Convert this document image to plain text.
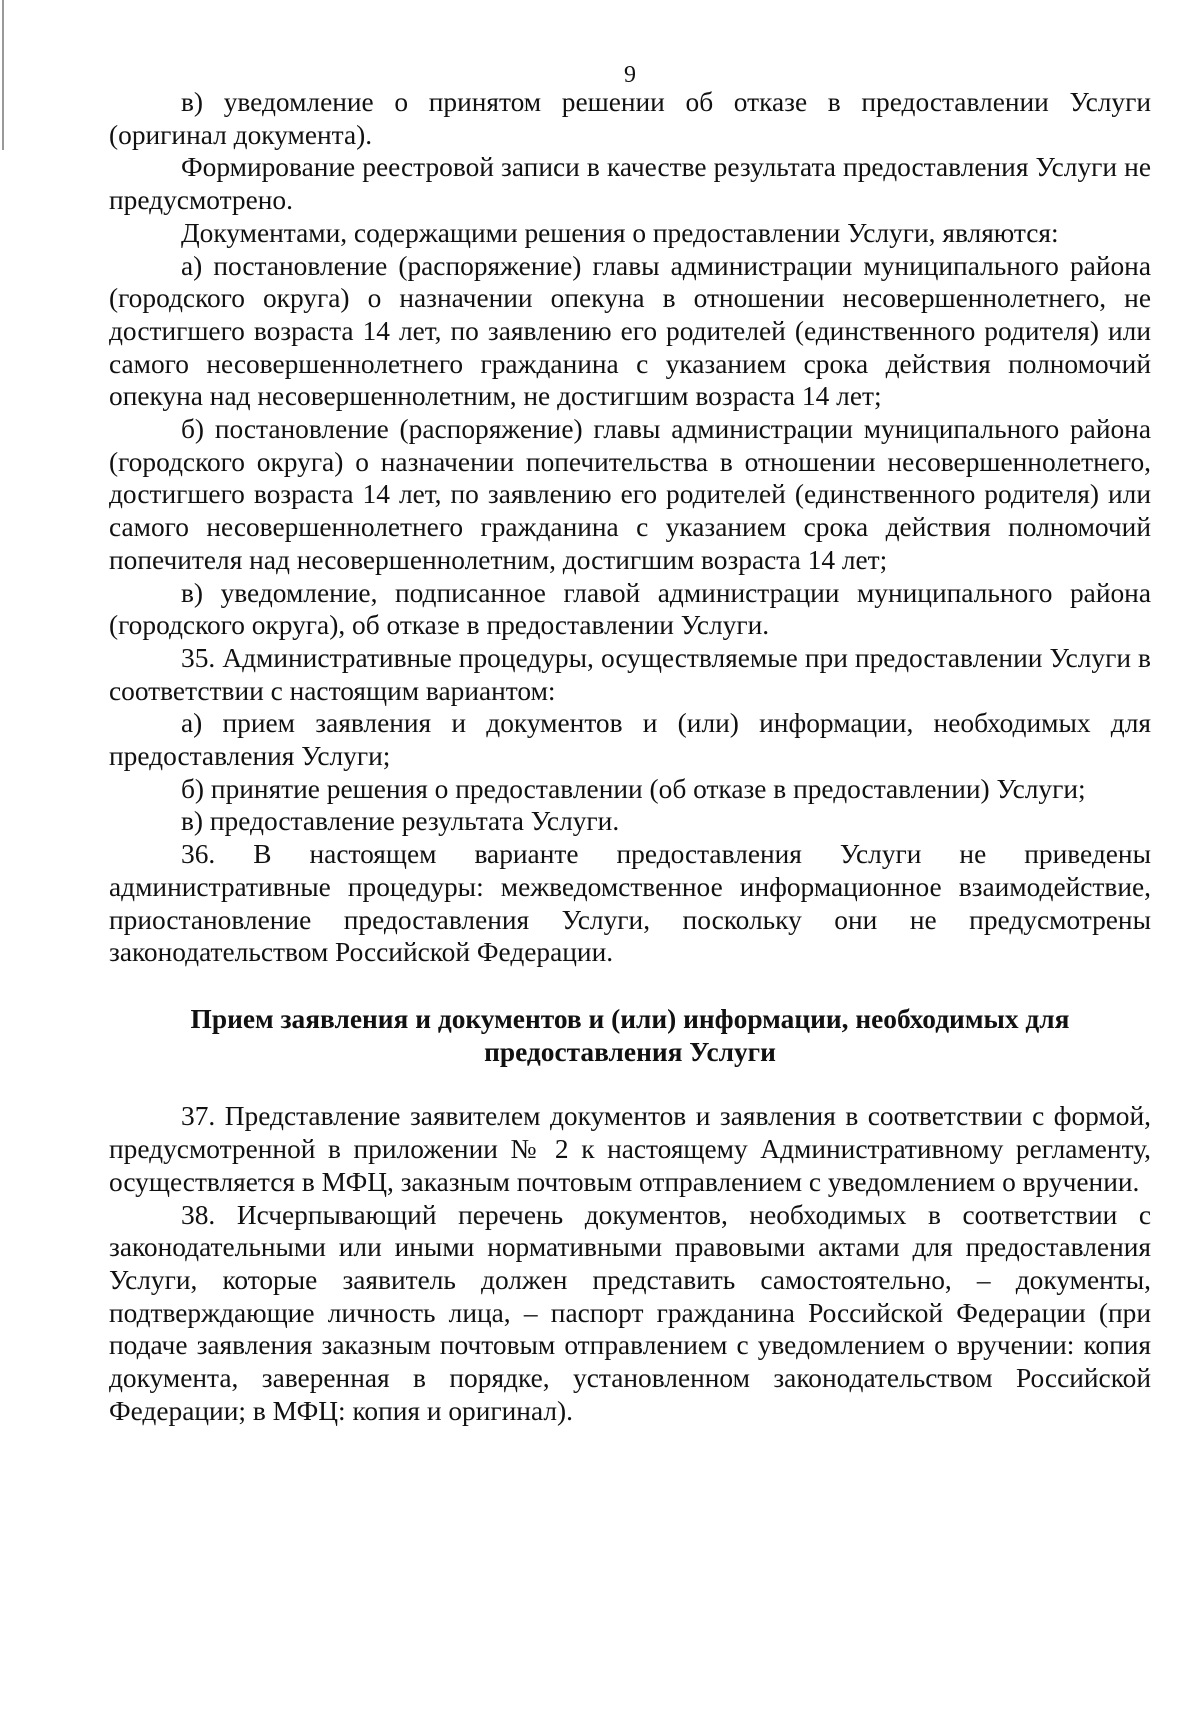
9

в) уведомление о принятом решении об отказе в предоставлении Услуги (оригинал документа).

Формирование реестровой записи в качестве результата предоставления Услуги не предусмотрено.

Документами, содержащими решения о предоставлении Услуги, являются:

а) постановление (распоряжение) главы администрации муниципального района (городского округа) о назначении опекуна в отношении несовершеннолетнего, не достигшего возраста 14 лет, по заявлению его родителей (единственного родителя) или самого несовершеннолетнего гражданина с указанием срока действия полномочий опекуна над несовершеннолетним, не достигшим возраста 14 лет;

б) постановление (распоряжение) главы администрации муниципального района (городского округа) о назначении попечительства в отношении несовершеннолетнего, достигшего возраста 14 лет, по заявлению его родителей (единственного родителя) или самого несовершеннолетнего гражданина с указанием срока действия полномочий попечителя над несовершеннолетним, достигшим возраста 14 лет;

в) уведомление, подписанное главой администрации муниципального района (городского округа), об отказе в предоставлении Услуги.

35. Административные процедуры, осуществляемые при предоставлении Услуги в соответствии с настоящим вариантом:

а) прием заявления и документов и (или) информации, необходимых для предоставления Услуги;

б) принятие решения о предоставлении (об отказе в предоставлении) Услуги;

в) предоставление результата Услуги.

36. В настоящем варианте предоставления Услуги не приведены административные процедуры: межведомственное информационное взаимодействие, приостановление предоставления Услуги, поскольку они не предусмотрены законодательством Российской Федерации.

Прием заявления и документов и (или) информации, необходимых для предоставления Услуги

37. Представление заявителем документов и заявления в соответствии с формой, предусмотренной в приложении № 2 к настоящему Административному регламенту, осуществляется в МФЦ, заказным почтовым отправлением с уведомлением о вручении.

38. Исчерпывающий перечень документов, необходимых в соответствии с законодательными или иными нормативными правовыми актами для предоставления Услуги, которые заявитель должен представить самостоятельно, – документы, подтверждающие личность лица, – паспорт гражданина Российской Федерации (при подаче заявления заказным почтовым отправлением с уведомлением о вручении: копия документа, заверенная в порядке, установленном законодательством Российской Федерации; в МФЦ: копия и оригинал).
